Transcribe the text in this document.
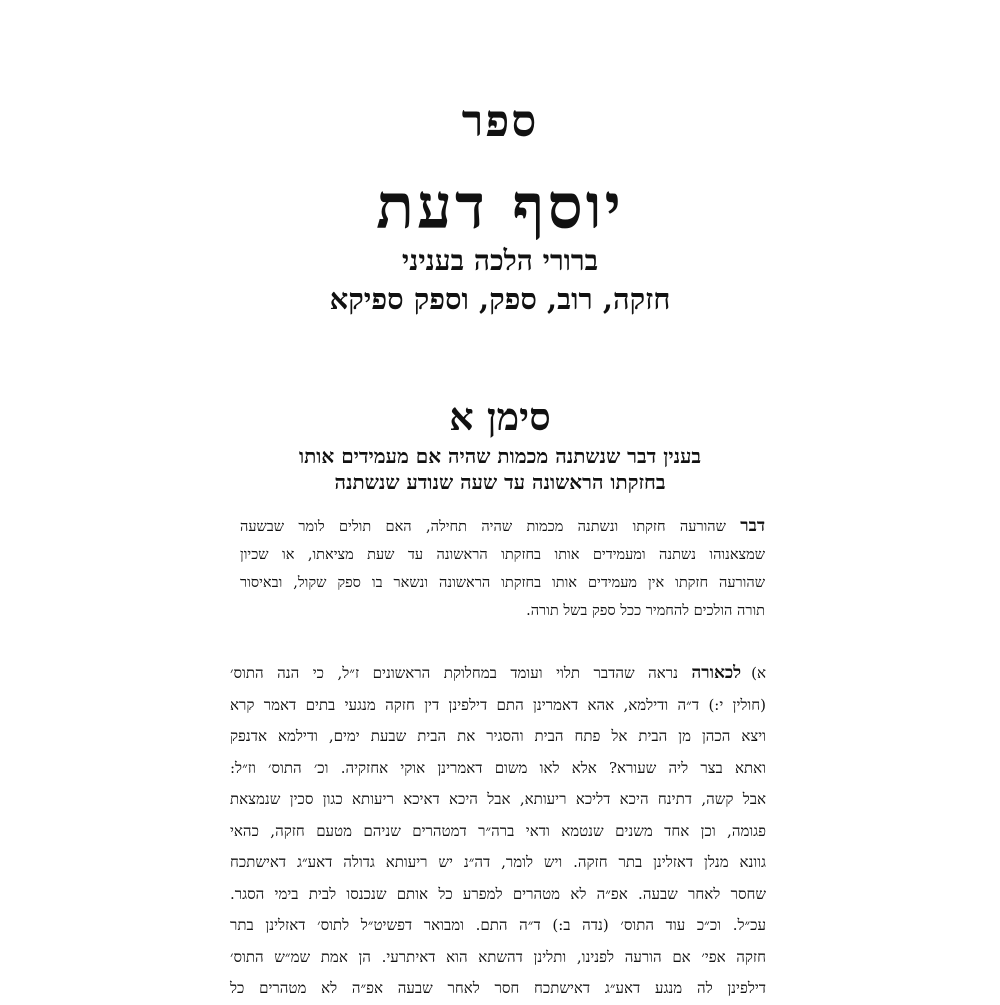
ספר
יוסף דעת
ברורי הלכה בעניני
חזקה, רוב, ספק, וספק ספיקא
סימן א
בענין דבר שנשתנה מכמות שהיה אם מעמידים אותו
בחזקתו הראשונה עד שעה שנודע שנשתנה
דבר שהורעה חזקתו ונשתנה מכמות שהיה תחילה, האם תולים לומר שבשעה
שמצאנוהו נשתנה ומעמידים אותו בחזקתו הראשונה עד שעת מציאתו, או שכיון
שהורעה חזקתו אין מעמידים אותו בחזקתו הראשונה ונשאר בו ספק שקול, ובאיסור
תורה הולכים להחמיר ככל ספק בשל תורה.
א)לכאורה נראה שהדבר תלוי ועומד במחלוקת הראשונים ז״ל, כי הנה התוס׳
(חולין י:) ד״ה ודילמא, אהא דאמרינן התם דילפינן דין חזקה מנגעי בתים דאמר קרא
ויצא הכהן מן הבית אל פתח הבית והסגיר את הבית שבעת ימים, ודילמא אדנפק
ואתא בצר ליה שעורא? אלא לאו משום דאמרינן אוקי אחזקיה. וכ׳ התוס׳ וז״ל:
אבל קשה, דתינח היכא דליכא ריעותא, אבל היכא דאיכא ריעותא כגון סכין שנמצאת
פגומה, וכן אחד משנים שנטמא ודאי ברה״ר דמטהרים שניהם מטעם חזקה, כהאי
גוונא מנלן דאזלינן בתר חזקה. ויש לומר, דה״נ יש ריעותא גדולה דאע״ג דאישתכח
שחסר לאחר שבעה. אפ״ה לא מטהרים למפרע כל אותם שנכנסו לבית בימי הסגר.
עכ״ל. וכ״כ עוד התוס׳ (נדה ב:) ד״ה התם. ומבואר דפשיט״ל לתוס׳ דאזלינן בתר
חזקה אפי׳ אם הורעה לפנינו, ותלינן דהשתא הוא דאיתרעי. הן אמת שמ״ש התוס׳
דילפינן לה מנגע דאע״ג דאישתכח חסר לאחר שבעה אפ״ה לא מטהרים כל
